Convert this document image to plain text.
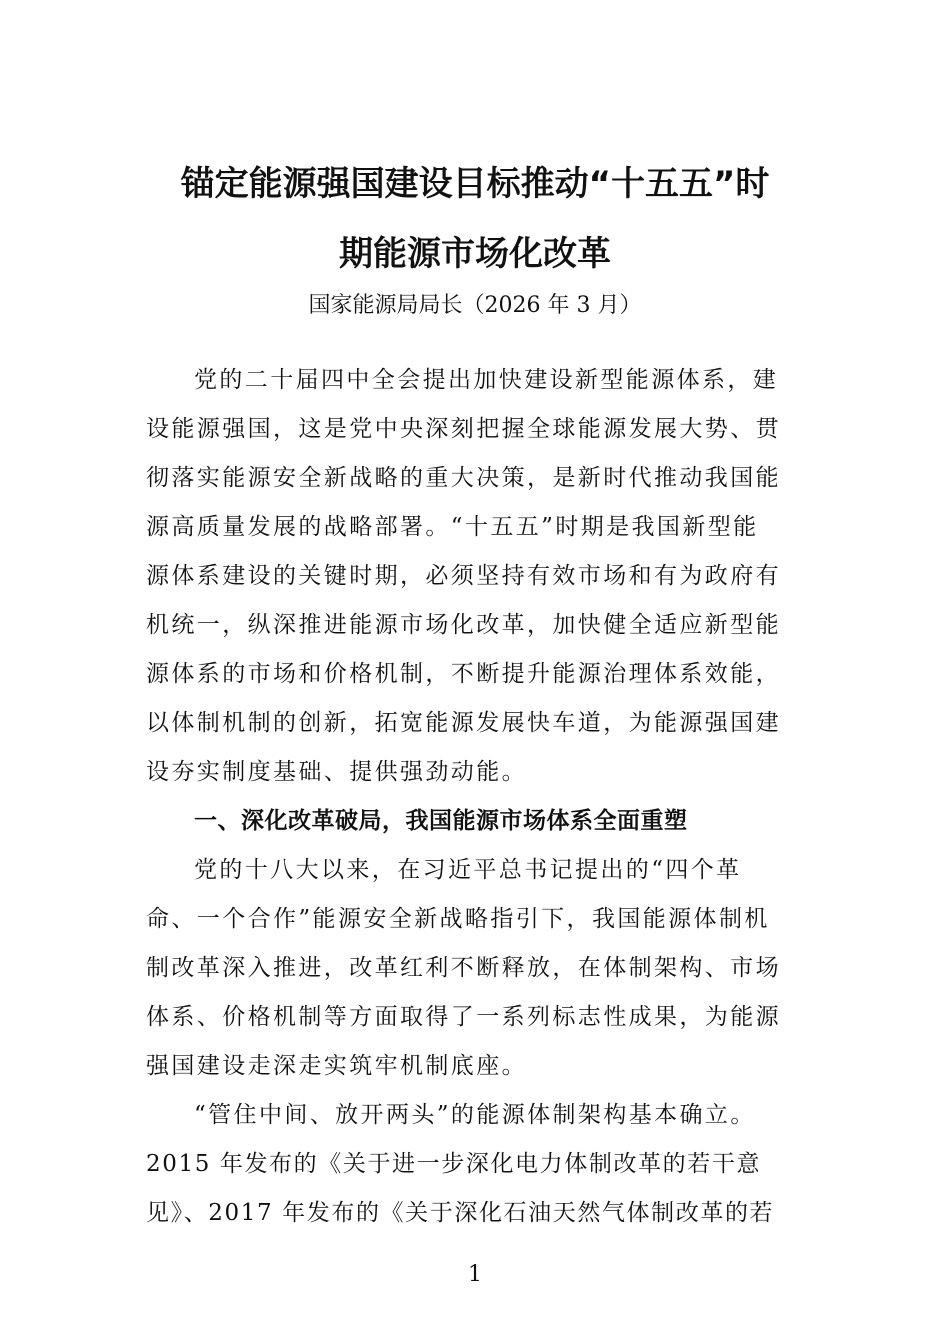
锚定能源强国建设目标推动“十五五”时
期能源市场化改革
国家能源局局长（2026 年 3 月）
党的二十届四中全会提出加快建设新型能源体系，建
设能源强国，这是党中央深刻把握全球能源发展大势、贯
彻落实能源安全新战略的重大决策，是新时代推动我国能
源高质量发展的战略部署。“十五五”时期是我国新型能
源体系建设的关键时期，必须坚持有效市场和有为政府有
机统一，纵深推进能源市场化改革，加快健全适应新型能
源体系的市场和价格机制，不断提升能源治理体系效能，
以体制机制的创新，拓宽能源发展快车道，为能源强国建
设夯实制度基础、提供强劲动能。
一、深化改革破局，我国能源市场体系全面重塑
党的十八大以来，在习近平总书记提出的“四个革
命、一个合作”能源安全新战略指引下，我国能源体制机
制改革深入推进，改革红利不断释放，在体制架构、市场
体系、价格机制等方面取得了一系列标志性成果，为能源
强国建设走深走实筑牢机制底座。
“管住中间、放开两头”的能源体制架构基本确立。
2015 年发布的《关于进一步深化电力体制改革的若干意
见》、2017 年发布的《关于深化石油天然气体制改革的若
1
